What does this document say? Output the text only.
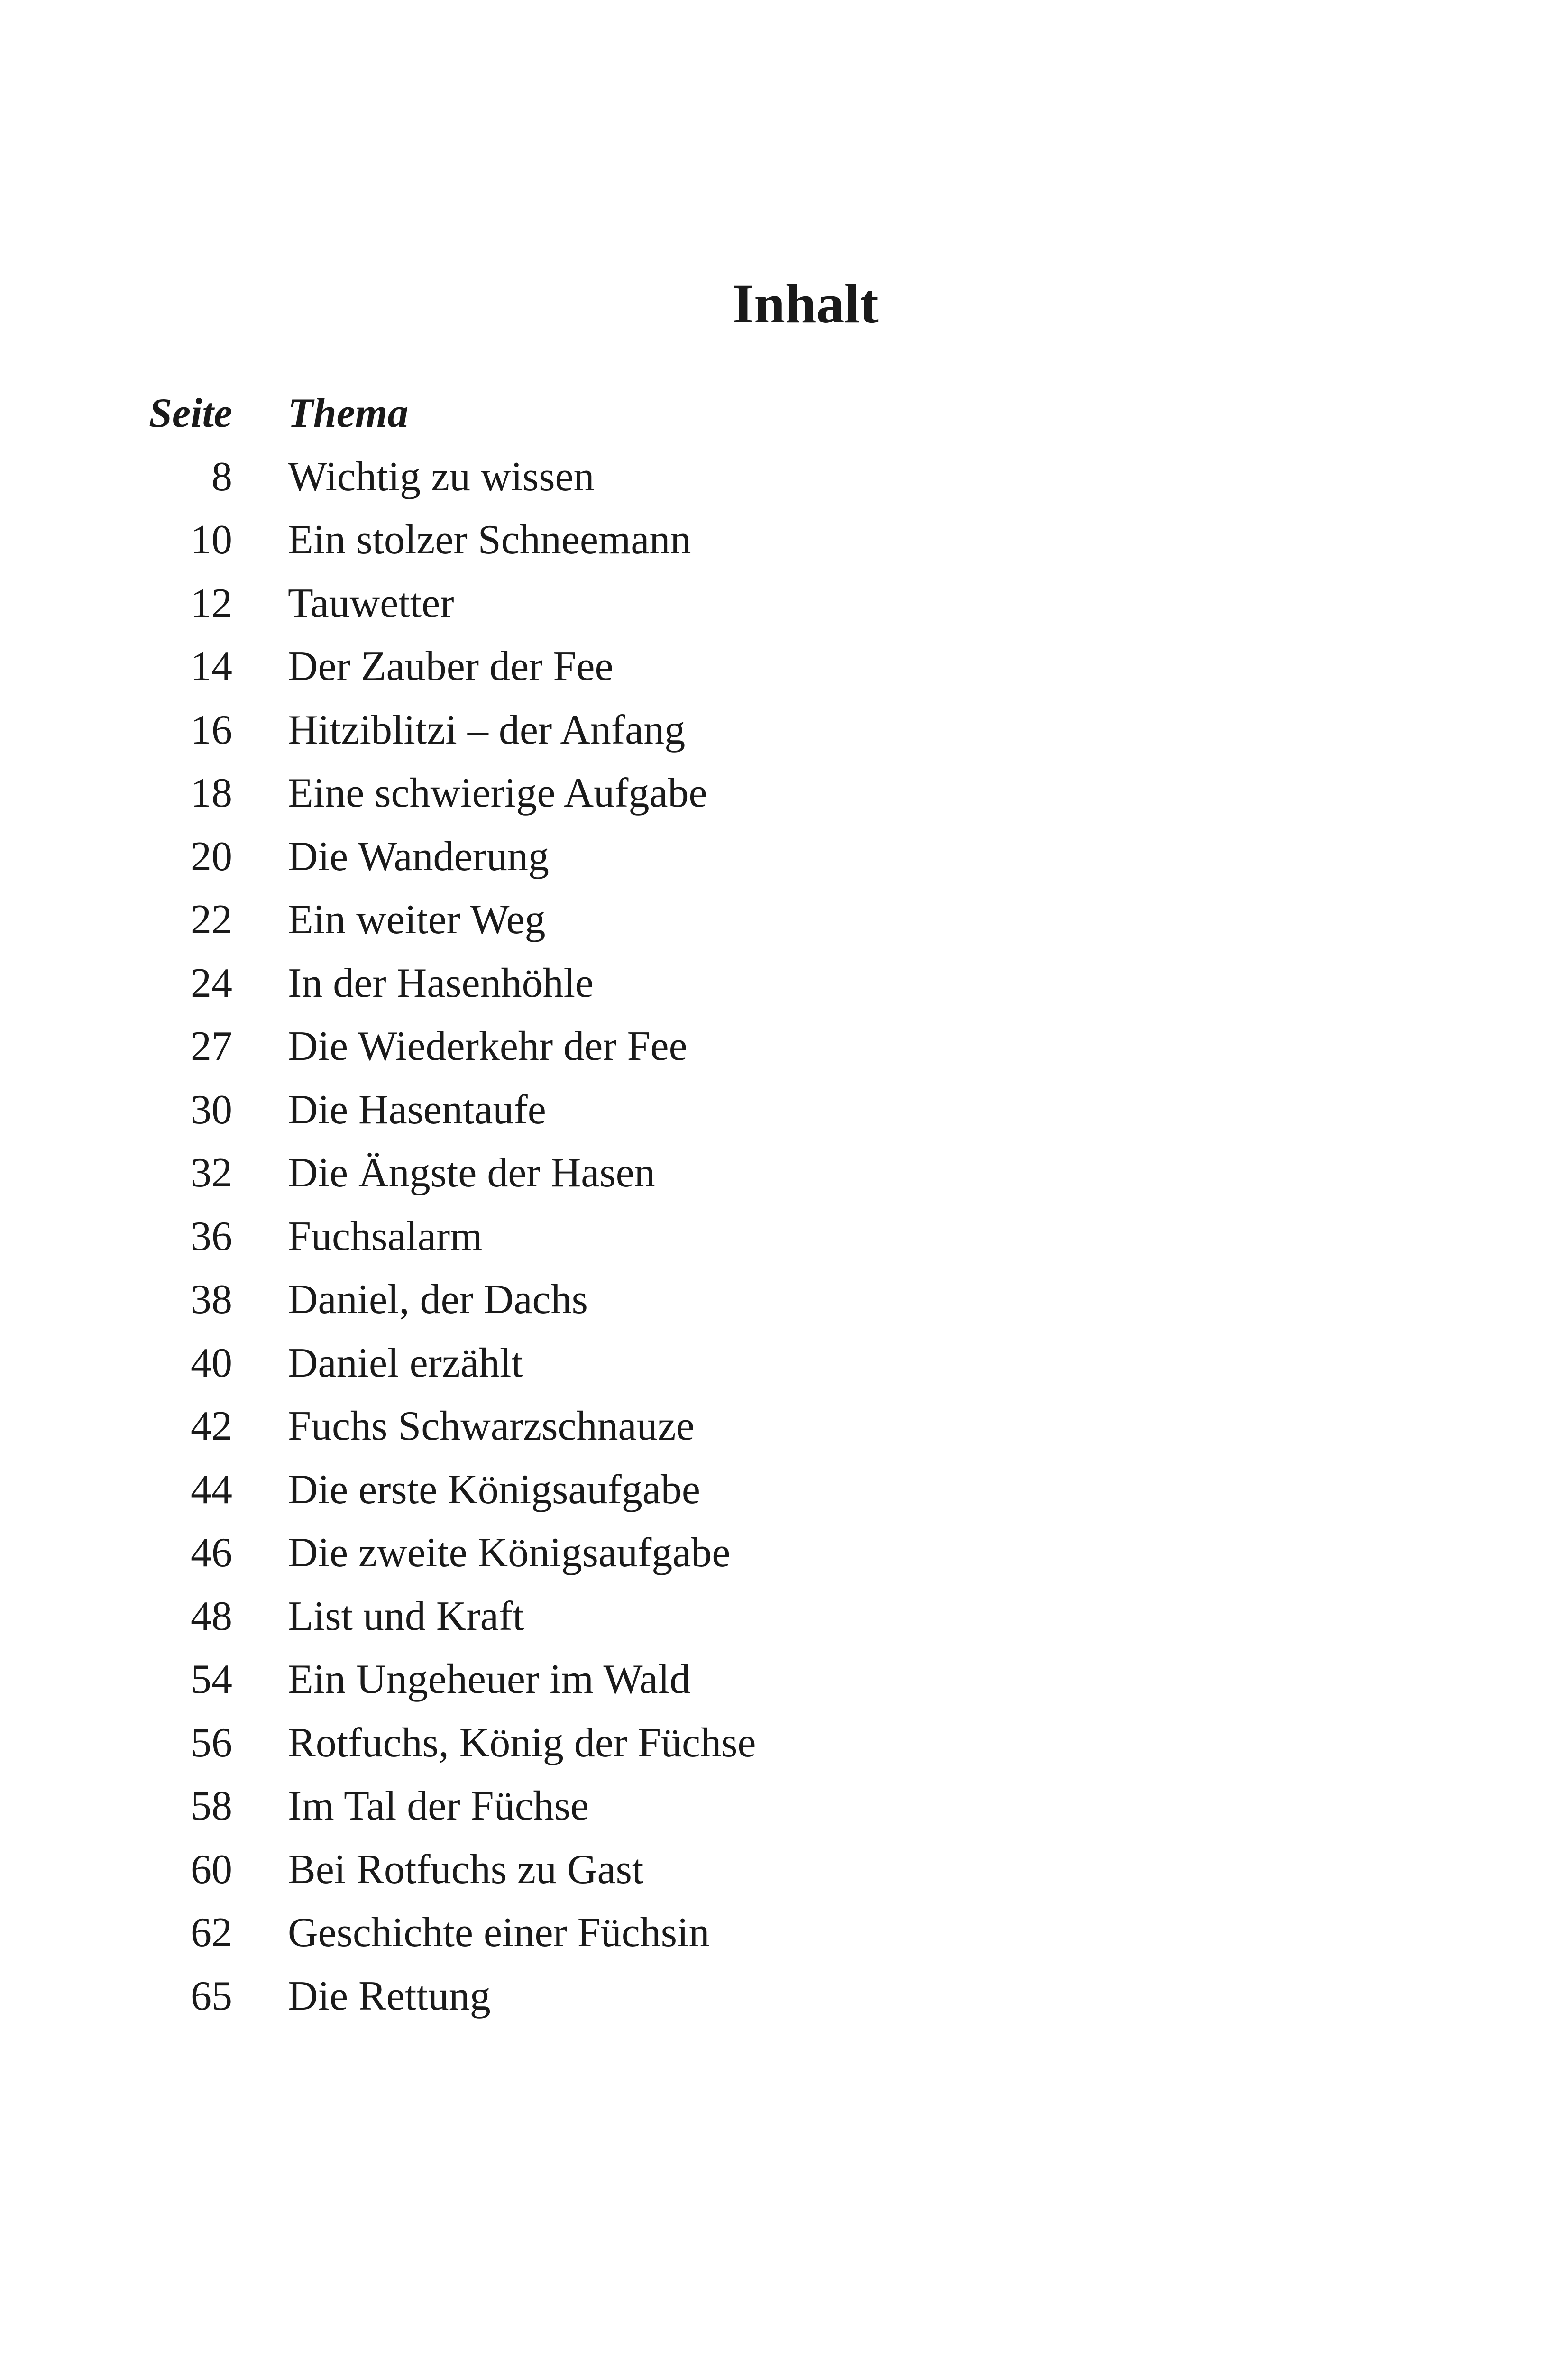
Inhalt
Seite Thema
8 Wichtig zu wissen
10 Ein stolzer Schneemann
12 Tauwetter
14 Der Zauber der Fee
16 Hitziblitzi – der Anfang
18 Eine schwierige Aufgabe
20 Die Wanderung
22 Ein weiter Weg
24 In der Hasenhöhle
27 Die Wiederkehr der Fee
30 Die Hasentaufe
32 Die Ängste der Hasen
36 Fuchsalarm
38 Daniel, der Dachs
40 Daniel erzählt
42 Fuchs Schwarzschnauze
44 Die erste Königsaufgabe
46 Die zweite Königsaufgabe
48 List und Kraft
54 Ein Ungeheuer im Wald
56 Rotfuchs, König der Füchse
58 Im Tal der Füchse
60 Bei Rotfuchs zu Gast
62 Geschichte einer Füchsin
65 Die Rettung
